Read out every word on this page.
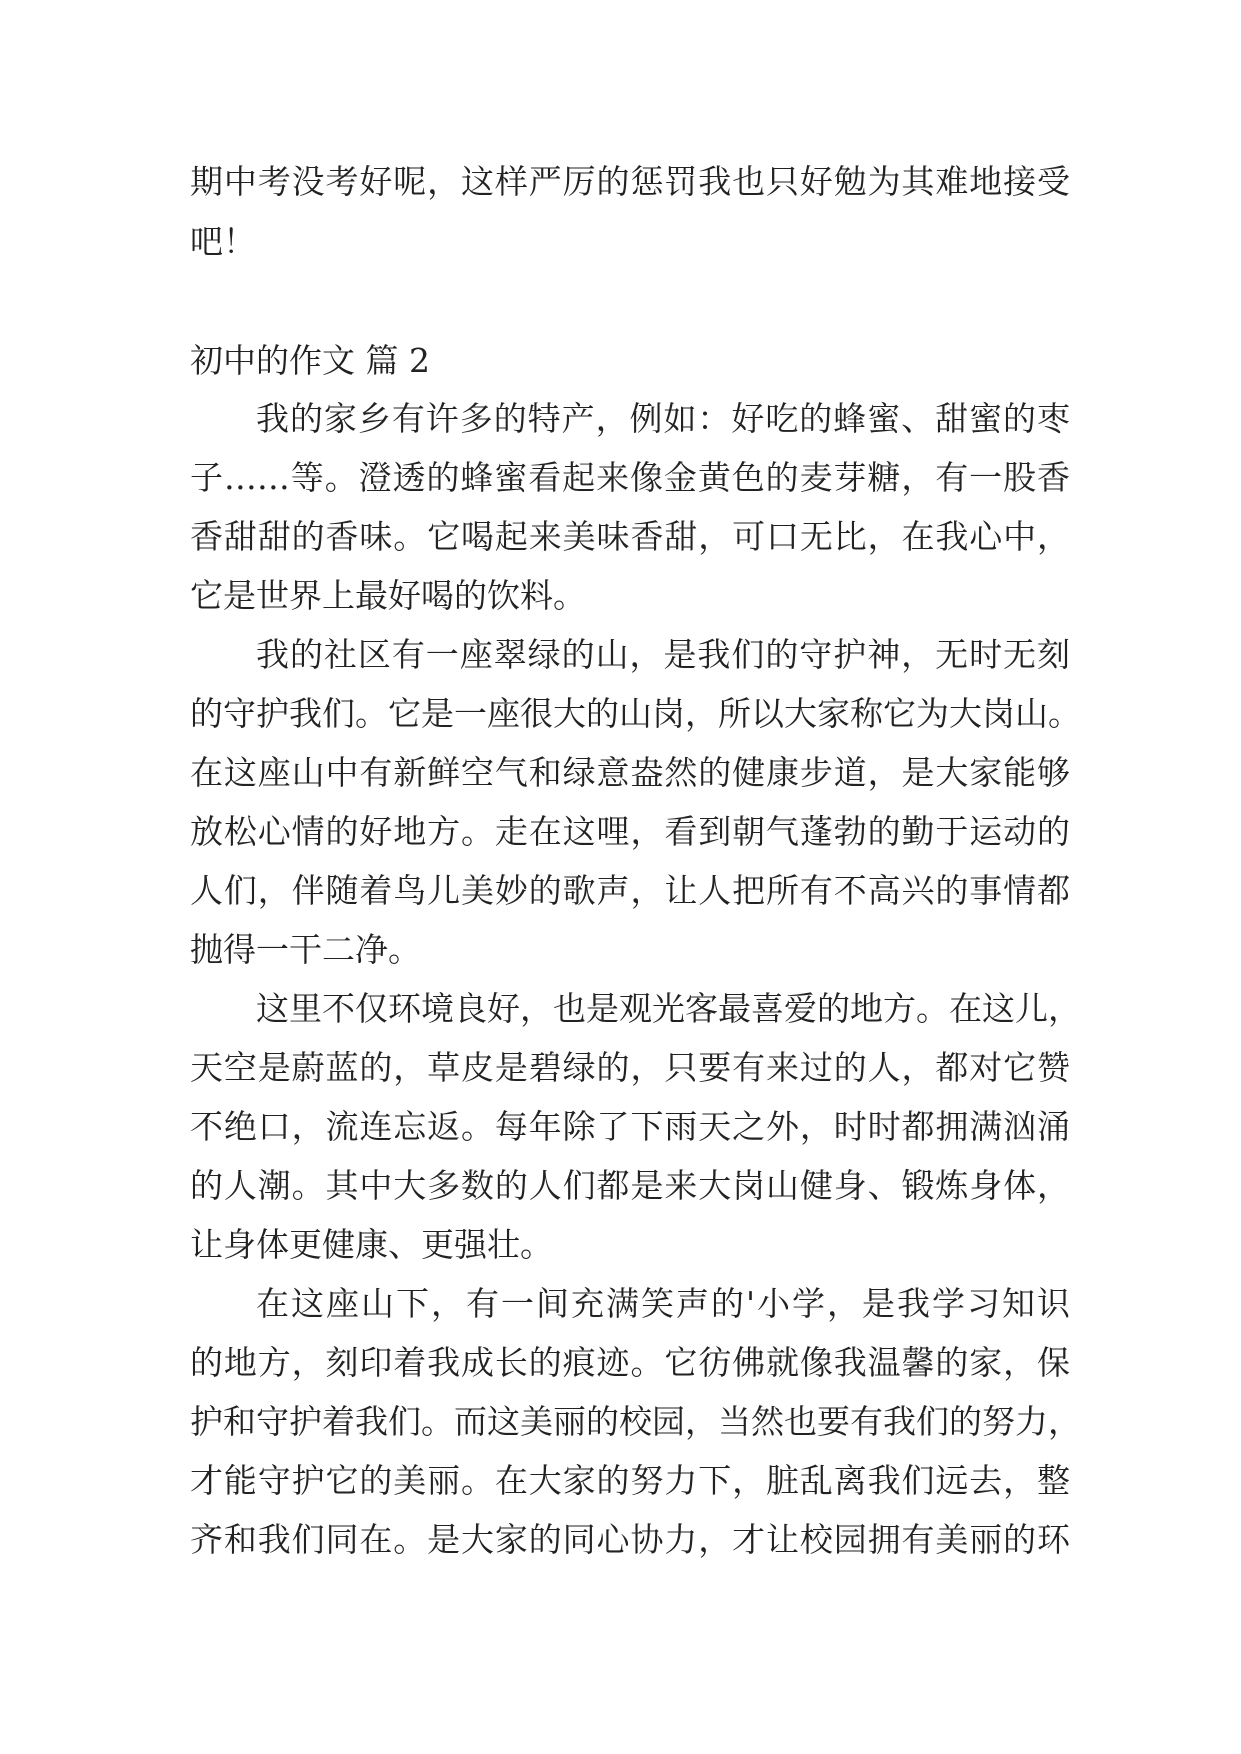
期中考没考好呢，这样严厉的惩罚我也只好勉为其难地接受
吧！
初中的作文 篇 2
我的家乡有许多的特产，例如：好吃的蜂蜜、甜蜜的枣
子……等。澄透的蜂蜜看起来像金黄色的麦芽糖，有一股香
香甜甜的香味。它喝起来美味香甜，可口无比，在我心中，
它是世界上最好喝的饮料。
我的社区有一座翠绿的山，是我们的守护神，无时无刻
的守护我们。它是一座很大的山岗，所以大家称它为大岗山。
在这座山中有新鲜空气和绿意盎然的健康步道，是大家能够
放松心情的好地方。走在这哩，看到朝气蓬勃的勤于运动的
人们，伴随着鸟儿美妙的歌声，让人把所有不高兴的事情都
抛得一干二净。
这里不仅环境良好，也是观光客最喜爱的地方。在这儿，
天空是蔚蓝的，草皮是碧绿的，只要有来过的人，都对它赞
不绝口，流连忘返。每年除了下雨天之外，时时都拥满汹涌
的人潮。其中大多数的人们都是来大岗山健身、锻炼身体，
让身体更健康、更强壮。
在这座山下，有一间充满笑声的'小学，是我学习知识
的地方，刻印着我成长的痕迹。它彷佛就像我温馨的家，保
护和守护着我们。而这美丽的校园，当然也要有我们的努力，
才能守护它的美丽。在大家的努力下，脏乱离我们远去，整
齐和我们同在。是大家的同心协力，才让校园拥有美丽的环
